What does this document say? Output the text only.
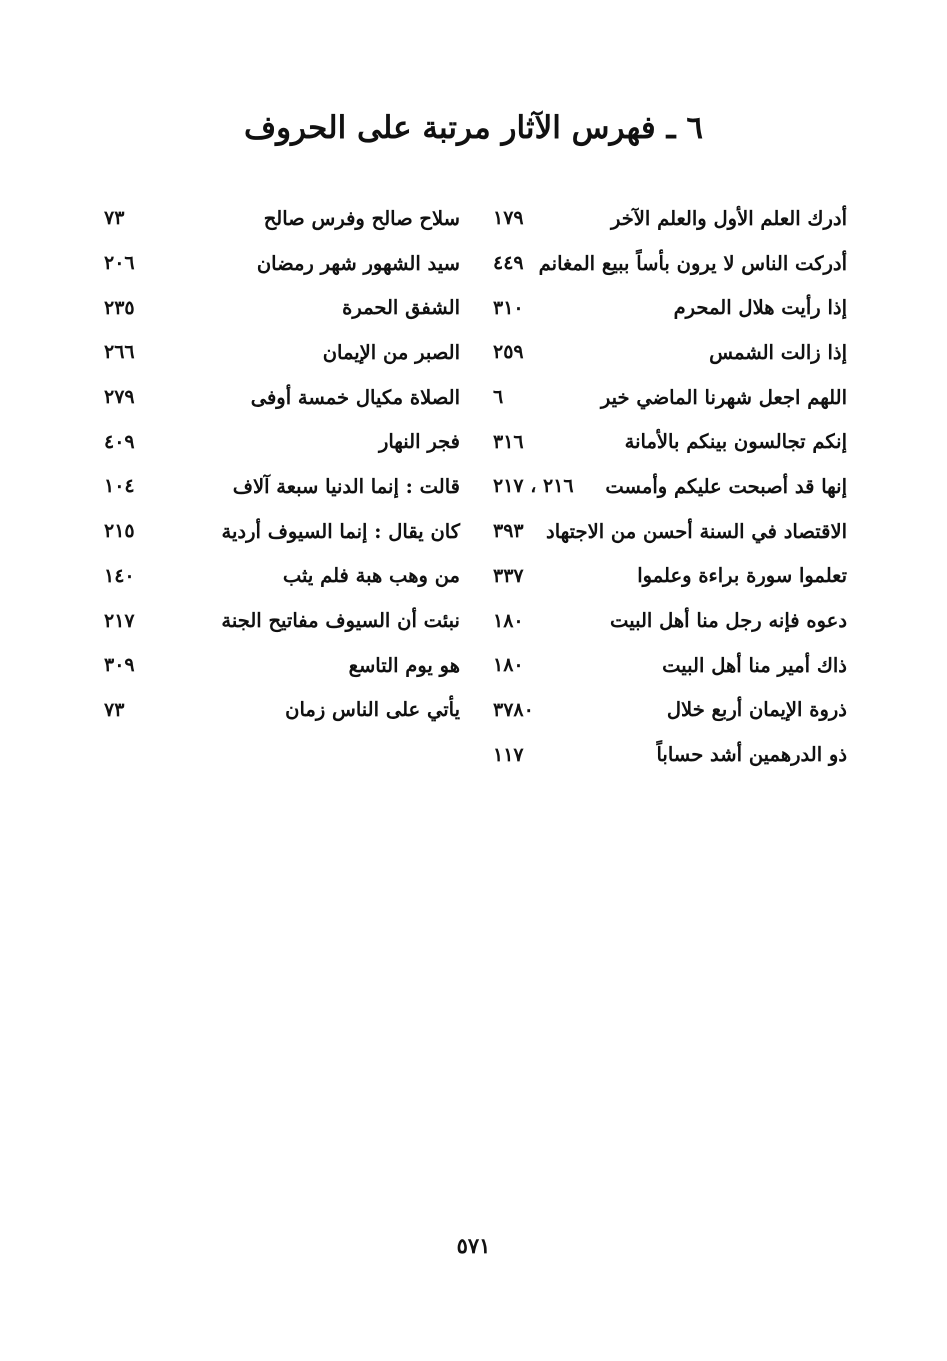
٦ ـ فهرس الآثار مرتبة على الحروف
أدرك العلم الأول والعلم الآخر
١٧٩
أدركت الناس لا يرون بأساً ببيع المغانم
٤٤٩
إذا رأيت هلال المحرم
٣١٠
إذا زالت الشمس
٢٥٩
اللهم اجعل شهرنا الماضي خير
٦
إنكم تجالسون بينكم بالأمانة
٣١٦
إنها قد أصبحت عليكم وأمست
٢١٦ ، ٢١٧
الاقتصاد في السنة أحسن من الاجتهاد
٣٩٣
تعلموا سورة براءة وعلموا
٣٣٧
دعوه فإنه رجل منا أهل البيت
١٨٠
ذاك أمير منا أهل البيت
١٨٠
ذروة الإيمان أربع خلال
٣٧٨٠
ذو الدرهمين أشد حساباً
١١٧
سلاح صالح وفرس صالح
٧٣
سيد الشهور شهر رمضان
٢٠٦
الشفق الحمرة
٢٣٥
الصبر من الإيمان
٢٦٦
الصلاة مكيال خمسة أوفى
٢٧٩
فجر النهار
٤٠٩
قالت : إنما الدنيا سبعة آلاف
١٠٤
كان يقال : إنما السيوف أردية
٢١٥
من وهب هبة فلم يثب
١٤٠
نبئت أن السيوف مفاتيح الجنة
٢١٧
هو يوم التاسع
٣٠٩
يأتي على الناس زمان
٧٣
٥٧١
